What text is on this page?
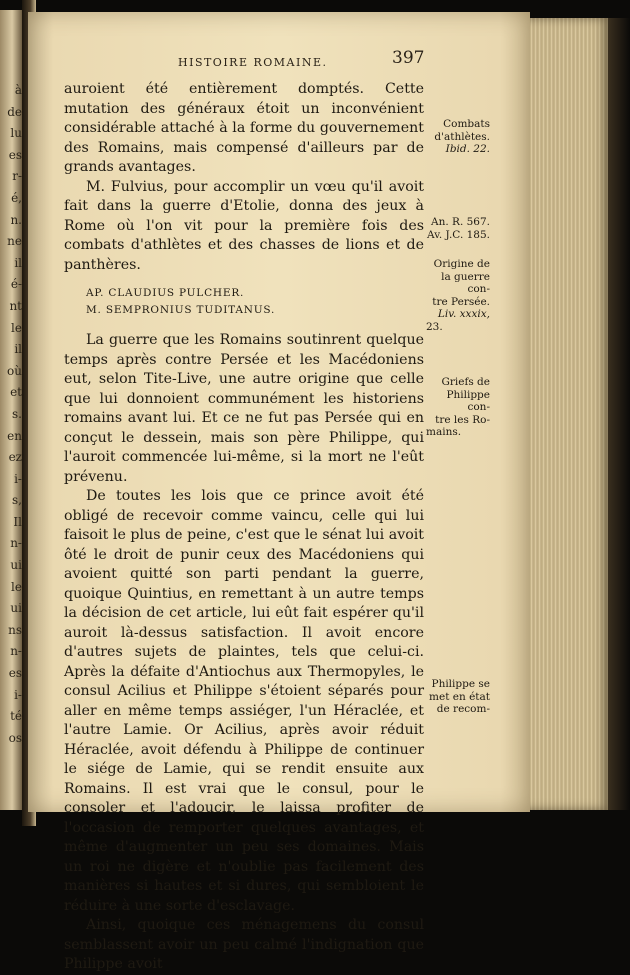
à
de
lu
es
r-
é,
n.
ne
il
é-
nt
le
il
où
et
s.
en
ez
i-
s,
Il
n-
ui
le
ui
ns
n-
es
i-
té
os
HISTOIRE ROMAINE.	397

auroient été entièrement domptés. Cette mutation des généraux étoit un inconvénient considérable attaché à la forme du gouvernement des Romains, mais compensé d'ailleurs par de grands avantages.

M. Fulvius, pour accomplir un vœu qu'il avoit fait dans la guerre d'Etolie, donna des jeux à Rome où l'on vit pour la première fois des combats d'athlètes et des chasses de lions et de panthères.

AP. CLAUDIUS PULCHER.
M. SEMPRONIUS TUDITANUS.

La guerre que les Romains soutinrent quelque temps après contre Persée et les Macédoniens eut, selon Tite-Live, une autre origine que celle que lui donnoient communément les historiens romains avant lui. Et ce ne fut pas Persée qui en conçut le dessein, mais son père Philippe, qui l'auroit commencée lui-même, si la mort ne l'eût prévenu.

De toutes les lois que ce prince avoit été obligé de recevoir comme vaincu, celle qui lui faisoit le plus de peine, c'est que le sénat lui avoit ôté le droit de punir ceux des Macédoniens qui avoient quitté son parti pendant la guerre, quoique Quintius, en remettant à un autre temps la décision de cet article, lui eût fait espérer qu'il auroit là-dessus satisfaction. Il avoit encore d'autres sujets de plaintes, tels que celui-ci. Après la défaite d'Antiochus aux Thermopyles, le consul Acilius et Philippe s'étoient séparés pour aller en même temps assiéger, l'un Héraclée, et l'autre Lamie. Or Acilius, après avoir réduit Héraclée, avoit défendu à Philippe de continuer le siége de Lamie, qui se rendit ensuite aux Romains. Il est vrai que le consul, pour le consoler et l'adoucir, le laissa profiter de l'occasion de remporter quelques avantages, et même d'augmenter un peu ses domaines. Mais un roi ne digère et n'oublie pas facilement des manières si hautes et si dures, qui sembloient le réduire à une sorte d'esclavage.

Ainsi, quoique ces ménagemens du consul semblassent avoir un peu calmé l'indignation que Philippe avoit

Combats
d'athlètes.
Ibid. 22.
An. R. 567.
Av. J.C. 185.
Origine de
la guerre con-
tre Persée.
Liv. xxxix,
23.
Griefs de
Philippe con-
tre les Ro-
mains.
Philippe se
met en état
de recom-
